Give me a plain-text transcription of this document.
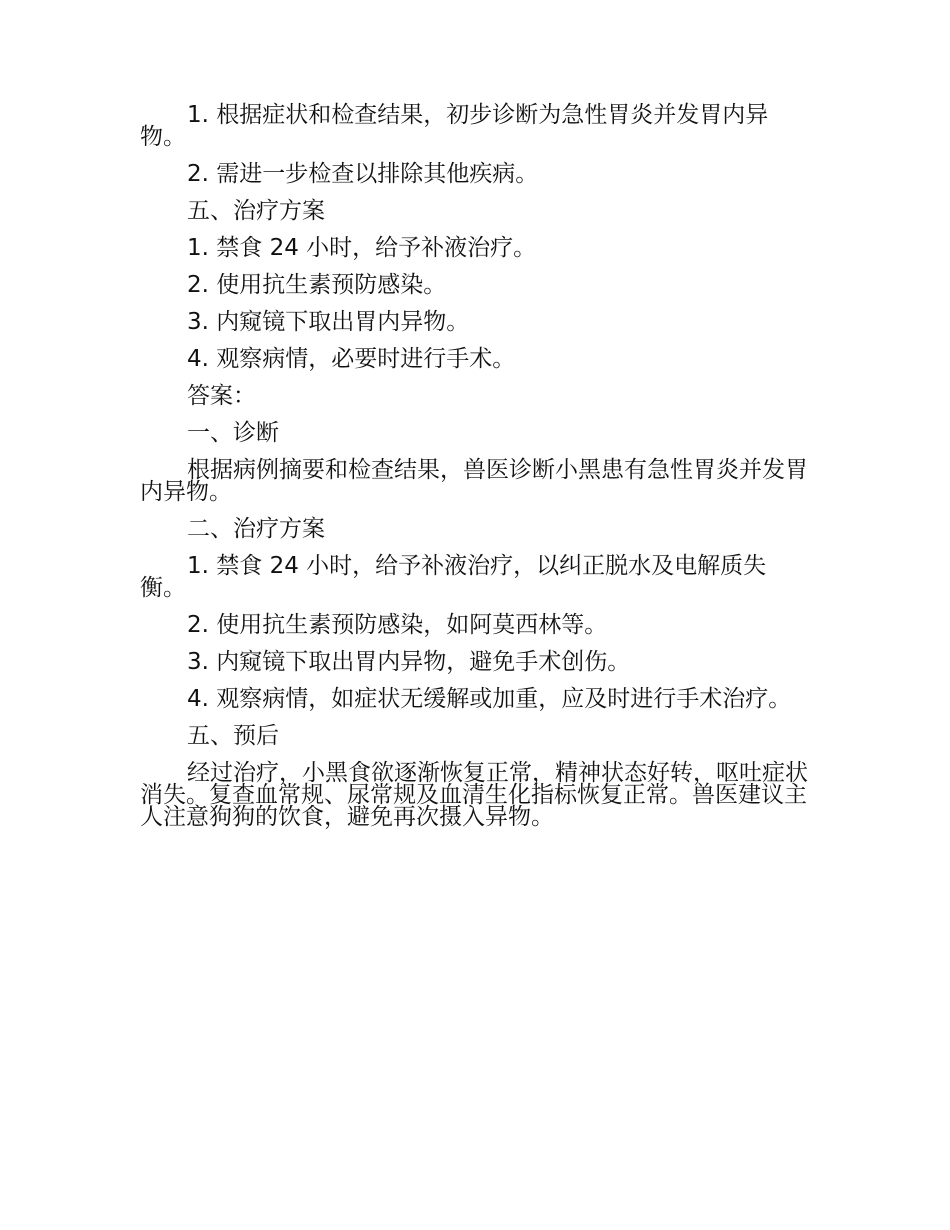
1. 根据症状和检查结果，初步诊断为急性胃炎并发胃内异物。

2. 需进一步检查以排除其他疾病。

五、治疗方案

1. 禁食 24 小时，给予补液治疗。

2. 使用抗生素预防感染。

3. 内窥镜下取出胃内异物。

4. 观察病情，必要时进行手术。

答案：

一、诊断

根据病例摘要和检查结果，兽医诊断小黑患有急性胃炎并发胃内异物。

二、治疗方案

1. 禁食 24 小时，给予补液治疗，以纠正脱水及电解质失衡。

2. 使用抗生素预防感染，如阿莫西林等。

3. 内窥镜下取出胃内异物，避免手术创伤。

4. 观察病情，如症状无缓解或加重，应及时进行手术治疗。

五、预后

经过治疗，小黑食欲逐渐恢复正常，精神状态好转，呕吐症状消失。复查血常规、尿常规及血清生化指标恢复正常。兽医建议主人注意狗狗的饮食，避免再次摄入异物。
